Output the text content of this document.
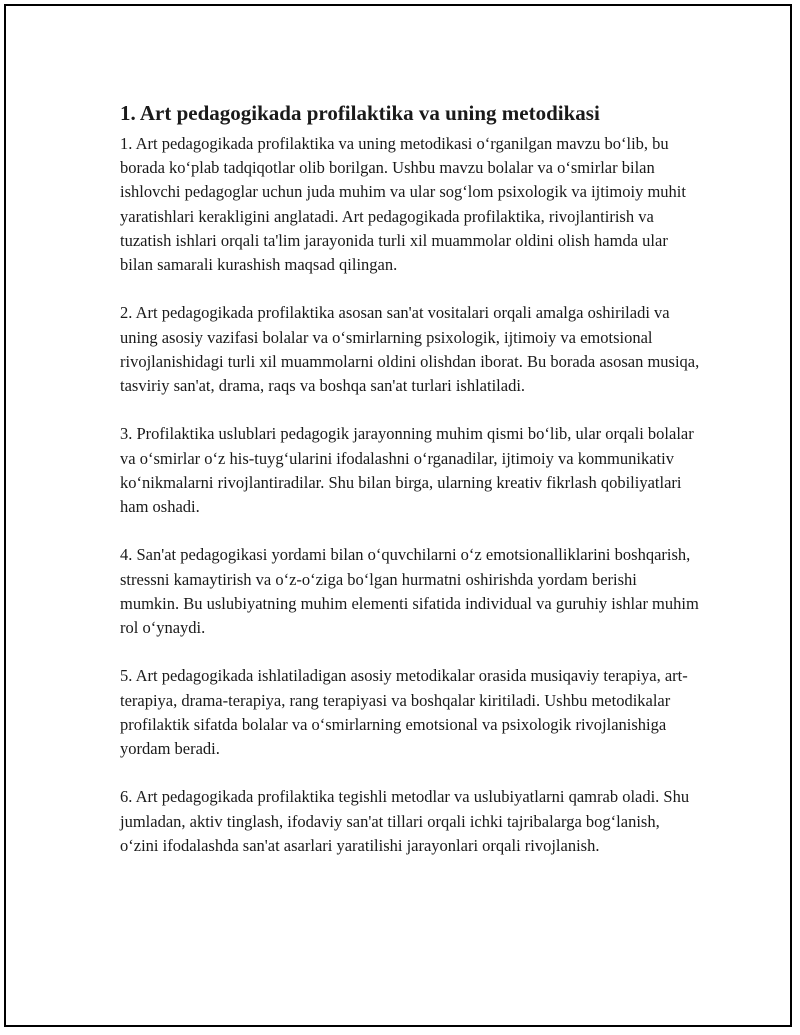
1. Art pedagogikada profilaktika va uning metodikasi

1. Art pedagogikada profilaktika va uning metodikasi o‘rganilgan mavzu bo‘lib, bu borada ko‘plab tadqiqotlar olib borilgan. Ushbu mavzu bolalar va o‘smirlar bilan ishlovchi pedagoglar uchun juda muhim va ular sog‘lom psixologik va ijtimoiy muhit yaratishlari kerakligini anglatadi. Art pedagogikada profilaktika, rivojlantirish va tuzatish ishlari orqali ta'lim jarayonida turli xil muammolar oldini olish hamda ular bilan samarali kurashish maqsad qilingan.

2. Art pedagogikada profilaktika asosan san'at vositalari orqali amalga oshiriladi va uning asosiy vazifasi bolalar va o‘smirlarning psixologik, ijtimoiy va emotsional rivojlanishidagi turli xil muammolarni oldini olishdan iborat. Bu borada asosan musiqa, tasviriy san'at, drama, raqs va boshqa san'at turlari ishlatiladi.

3. Profilaktika uslublari pedagogik jarayonning muhim qismi bo‘lib, ular orqali bolalar va o‘smirlar o‘z his-tuyg‘ularini ifodalashni o‘rganadilar, ijtimoiy va kommunikativ ko‘nikmalarni rivojlantiradilar. Shu bilan birga, ularning kreativ fikrlash qobiliyatlari ham oshadi.

4. San'at pedagogikasi yordami bilan o‘quvchilarni o‘z emotsionalliklarini boshqarish, stressni kamaytirish va o‘z-o‘ziga bo‘lgan hurmatni oshirishda yordam berishi mumkin. Bu uslubiyatning muhim elementi sifatida individual va guruhiy ishlar muhim rol o‘ynaydi.

5. Art pedagogikada ishlatiladigan asosiy metodikalar orasida musiqaviy terapiya, art-terapiya, drama-terapiya, rang terapiyasi va boshqalar kiritiladi. Ushbu metodikalar profilaktik sifatda bolalar va o‘smirlarning emotsional va psixologik rivojlanishiga yordam beradi.

6. Art pedagogikada profilaktika tegishli metodlar va uslubiyatlarni qamrab oladi. Shu jumladan, aktiv tinglash, ifodaviy san'at tillari orqali ichki tajribalarga bog‘lanish, o‘zini ifodalashda san'at asarlari yaratilishi jarayonlari orqali rivojlanish.
